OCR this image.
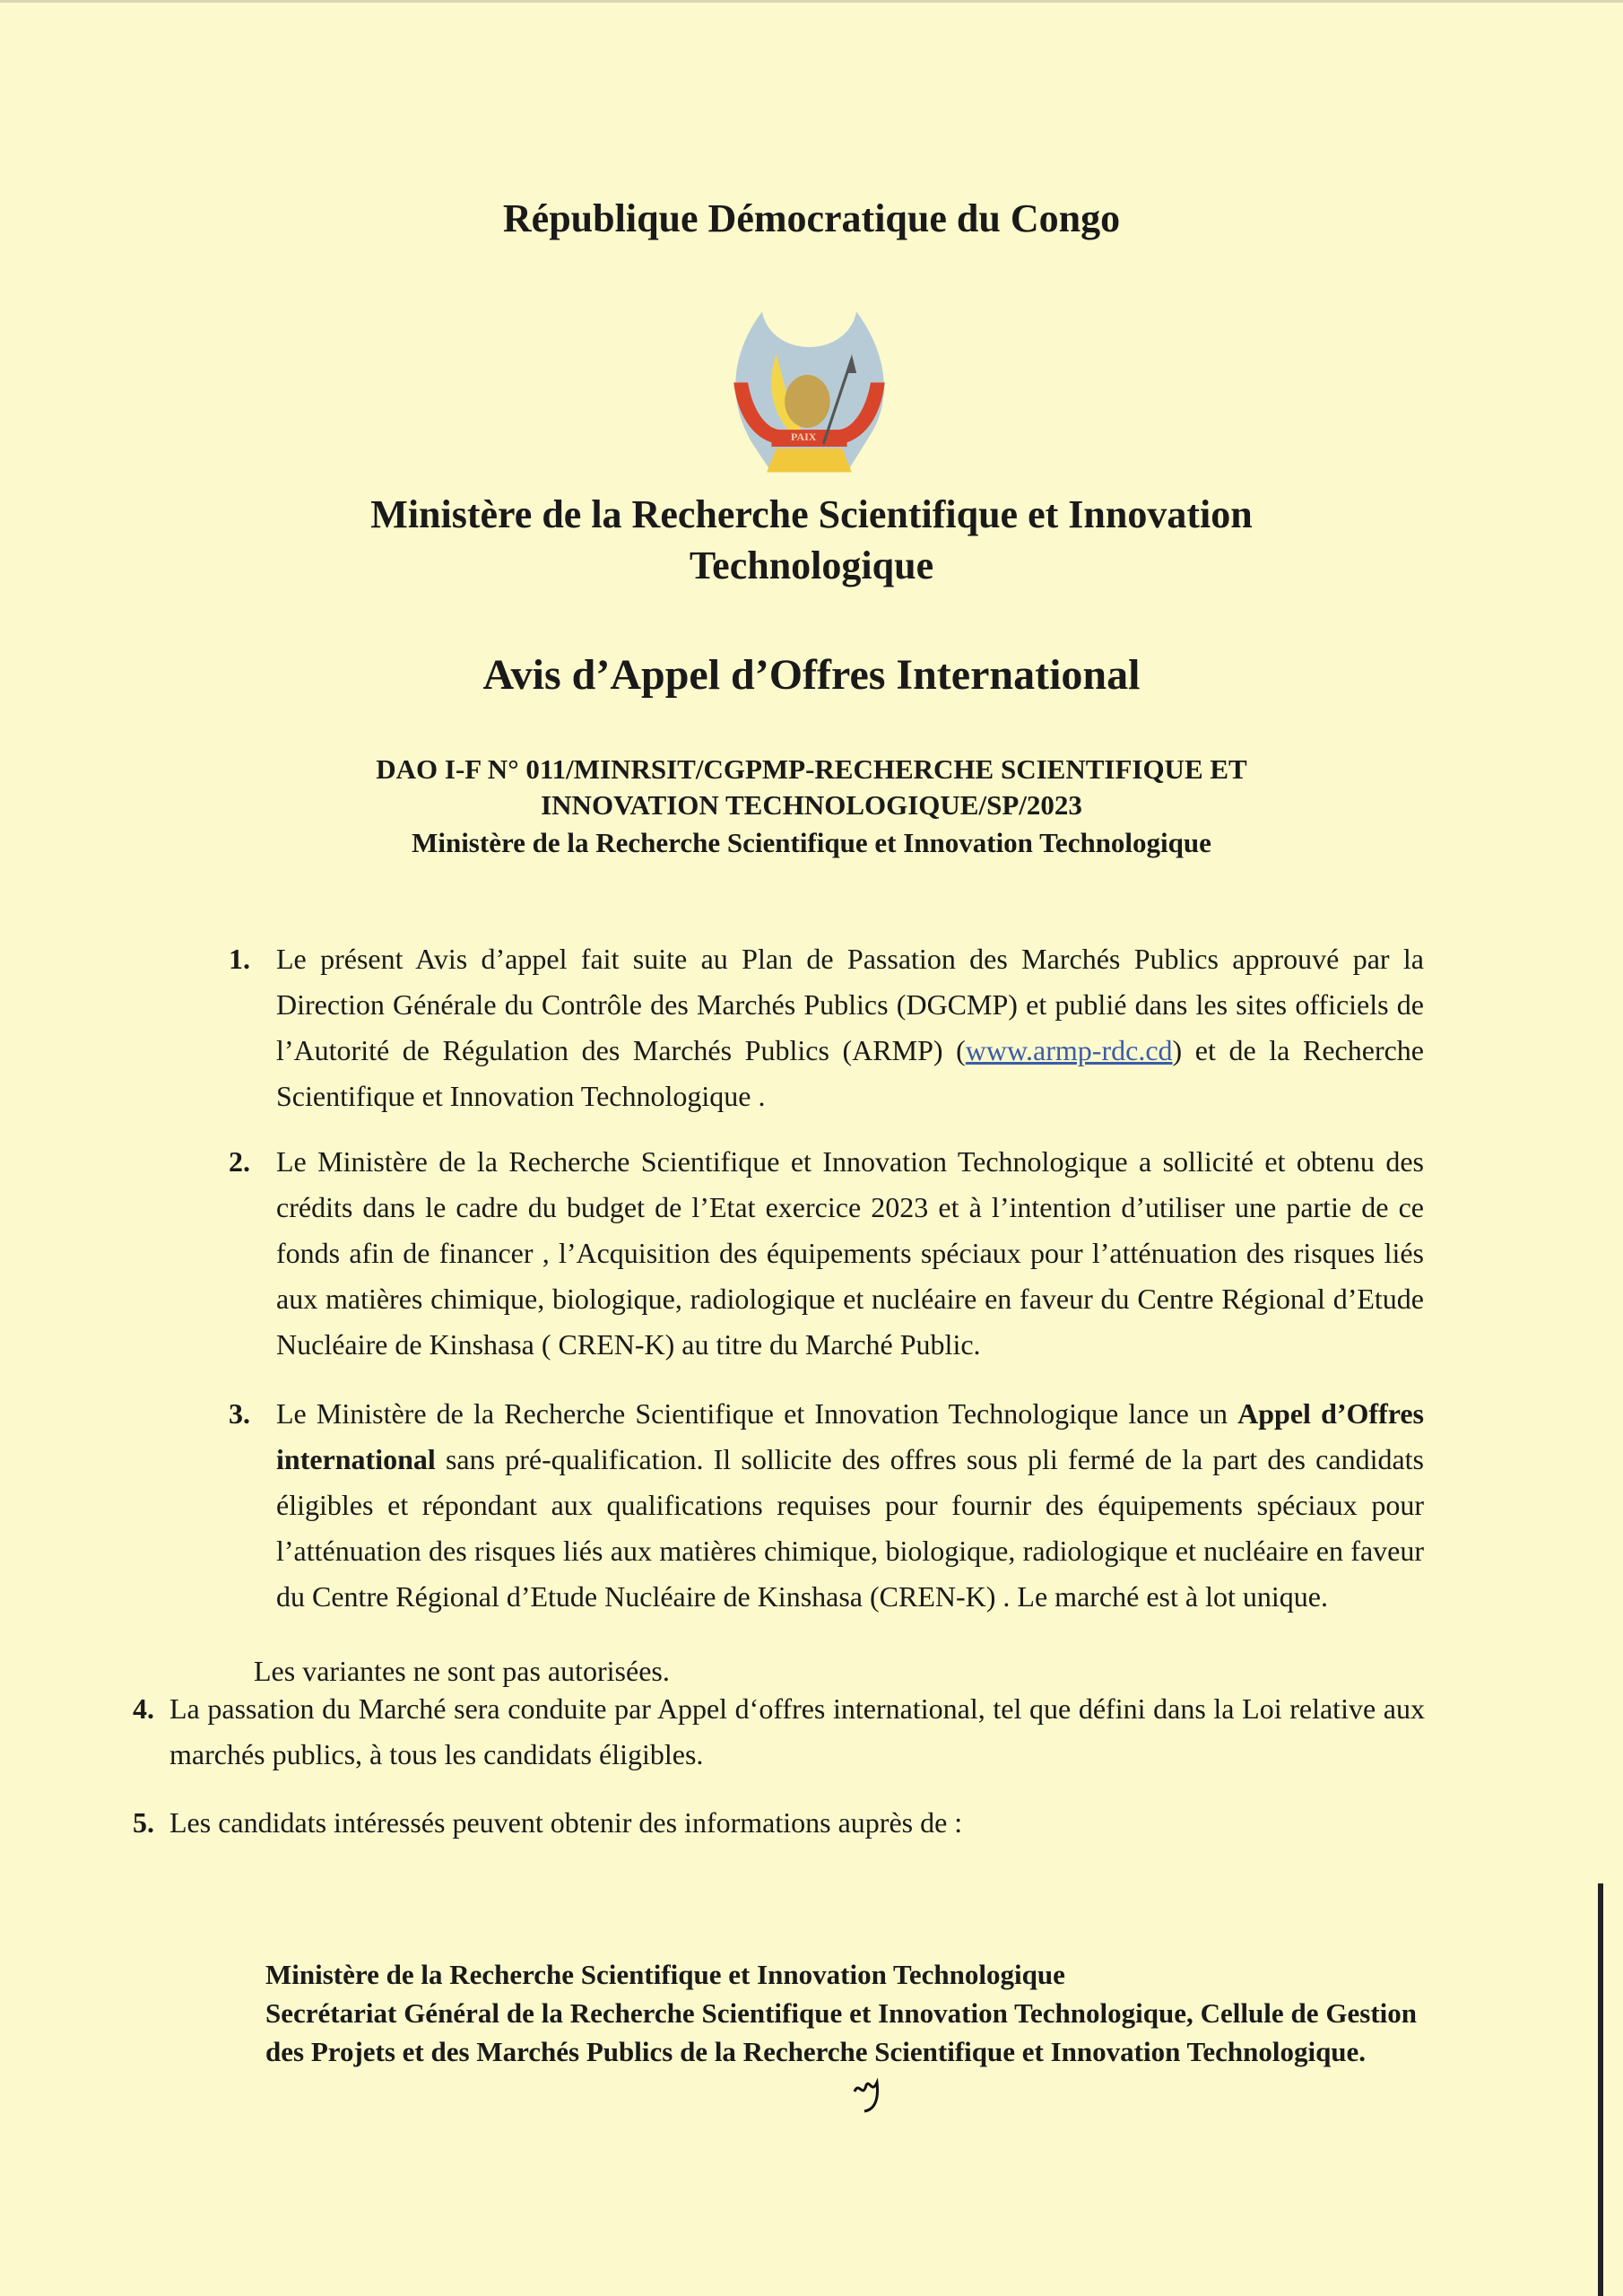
République Démocratique du Congo
PAIX
Ministère de la Recherche Scientifique et Innovation
Technologique
Avis d’Appel d’Offres International
DAO I-F N° 011/MINRSIT/CGPMP-RECHERCHE SCIENTIFIQUE ET
INNOVATION TECHNOLOGIQUE/SP/2023
Ministère de la Recherche Scientifique et Innovation Technologique
1. Le présent Avis d’appel fait suite au Plan de Passation des Marchés Publics approuvé par la Direction Générale du Contrôle des Marchés Publics (DGCMP) et publié dans les sites officiels de l’Autorité de Régulation des Marchés Publics (ARMP) (www.armp-rdc.cd) et de la Recherche Scientifique et Innovation Technologique .
2. Le Ministère de la Recherche Scientifique et Innovation Technologique a sollicité et obtenu des crédits dans le cadre du budget de l’Etat exercice 2023 et à l’intention d’utiliser une partie de ce fonds afin de financer , l’Acquisition des équipements spéciaux pour l’atténuation des risques liés aux matières chimique, biologique, radiologique et nucléaire en faveur du Centre Régional d’Etude Nucléaire de Kinshasa ( CREN-K) au titre du Marché Public.
3. Le Ministère de la Recherche Scientifique et Innovation Technologique lance un Appel d’Offres international sans pré-qualification. Il sollicite des offres sous pli fermé de la part des candidats éligibles et répondant aux qualifications requises pour fournir des équipements spéciaux pour l’atténuation des risques liés aux matières chimique, biologique, radiologique et nucléaire en faveur du Centre Régional d’Etude Nucléaire de Kinshasa (CREN-K) . Le marché est à lot unique.
Les variantes ne sont pas autorisées.
4. La passation du Marché sera conduite par Appel d‘offres international, tel que défini dans la Loi relative aux marchés publics, à tous les candidats éligibles.
5. Les candidats intéressés peuvent obtenir des informations auprès de :
Ministère de la Recherche Scientifique et Innovation Technologique
Secrétariat Général de la Recherche Scientifique et Innovation Technologique, Cellule de Gestion des Projets et des Marchés Publics de la Recherche Scientifique et Innovation Technologique.
